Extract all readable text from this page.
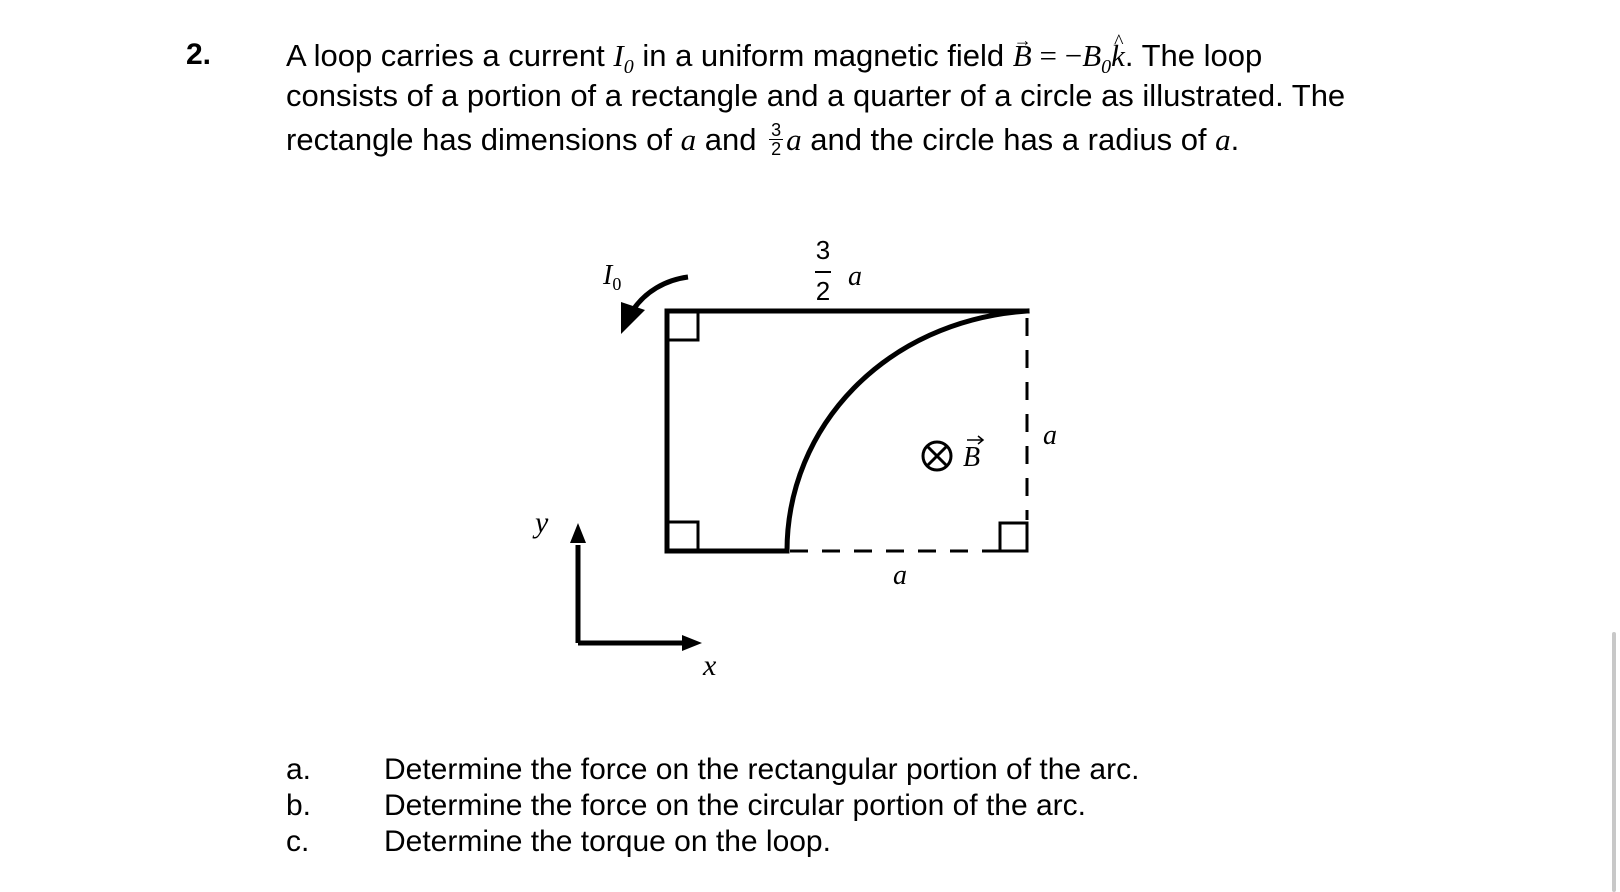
2. A loop carries a current $I_0$ in a uniform magnetic field → $B = -B_0\^{}$ k. The loop
consists of a portion of a rectangle and a quarter of a circle as illustrated. The
rectangle has dimensions of a and $\frac{3}{2}$ a and the circle has a radius of a.
$I_0$	a
a
a
B
y
x
3
2
a.	Determine the force on the rectangular portion of the arc.
b.	Determine the force on the circular portion of the arc.
c.	Determine the torque on the loop.
